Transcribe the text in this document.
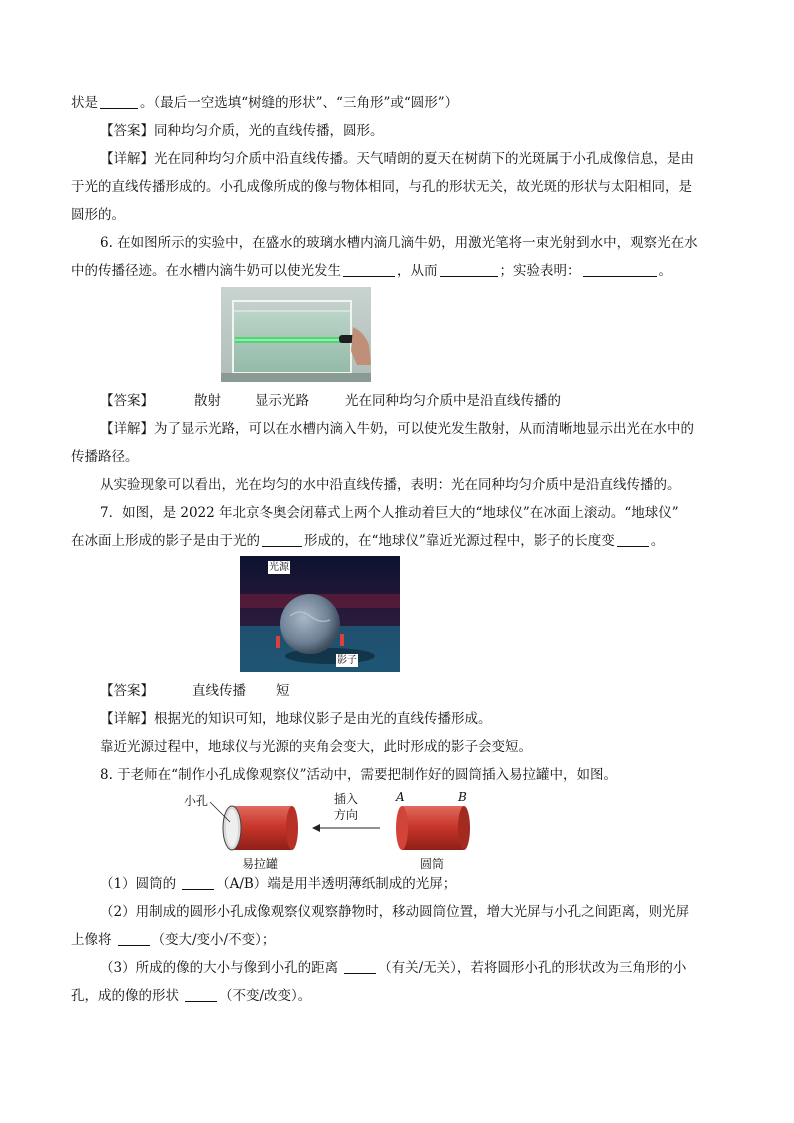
状是	。（最后一空选填“树缝的形状”、“三角形”或“圆形”）
【答案】同种均匀介质，光的直线传播，圆形。
【详解】光在同种均匀介质中沿直线传播。天气晴朗的夏天在树荫下的光斑属于小孔成像信息，是由
于光的直线传播形成的。小孔成像所成的像与物体相同，与孔的形状无关，故光斑的形状与太阳相同，是
圆形的。
6. 在如图所示的实验中，在盛水的玻璃水槽内滴几滴牛奶，用激光笔将一束光射到水中，观察光在水
中的传播径迹。在水槽内滴牛奶可以使光发生	，从而	；实验表明：	。
【答案】	散射	显示光路	光在同种均匀介质中是沿直线传播的
【详解】为了显示光路，可以在水槽内滴入牛奶，可以使光发生散射，从而清晰地显示出光在水中的
传播路径。
从实验现象可以看出，光在均匀的水中沿直线传播，表明：光在同种均匀介质中是沿直线传播的。
7．如图，是 2022 年北京冬奥会闭幕式上两个人推动着巨大的“地球仪”在冰面上滚动。“地球仪”
在冰面上形成的影子是由于光的	形成的，在“地球仪”靠近光源过程中，影子的长度变	。
光源
影子
【答案】	直线传播 短
【详解】根据光的知识可知，地球仪影子是由光的直线传播形成。
靠近光源过程中，地球仪与光源的夹角会变大，此时形成的影子会变短。
8. 于老师在“制作小孔成像观察仪”活动中，需要把制作好的圆筒插入易拉罐中，如图。
小孔
易拉罐
插入
方向
A	B
圆筒
（1）圆筒的	（A/B）端是用半透明薄纸制成的光屏；
（2）用制成的圆形小孔成像观察仪观察静物时，移动圆筒位置，增大光屏与小孔之间距离，则光屏
上像将	（变大/变小/不变）；
（3）所成的像的大小与像到小孔的距离	（有关/无关），若将圆形小孔的形状改为三角形的小
孔，成的像的形状	（不变/改变）。
